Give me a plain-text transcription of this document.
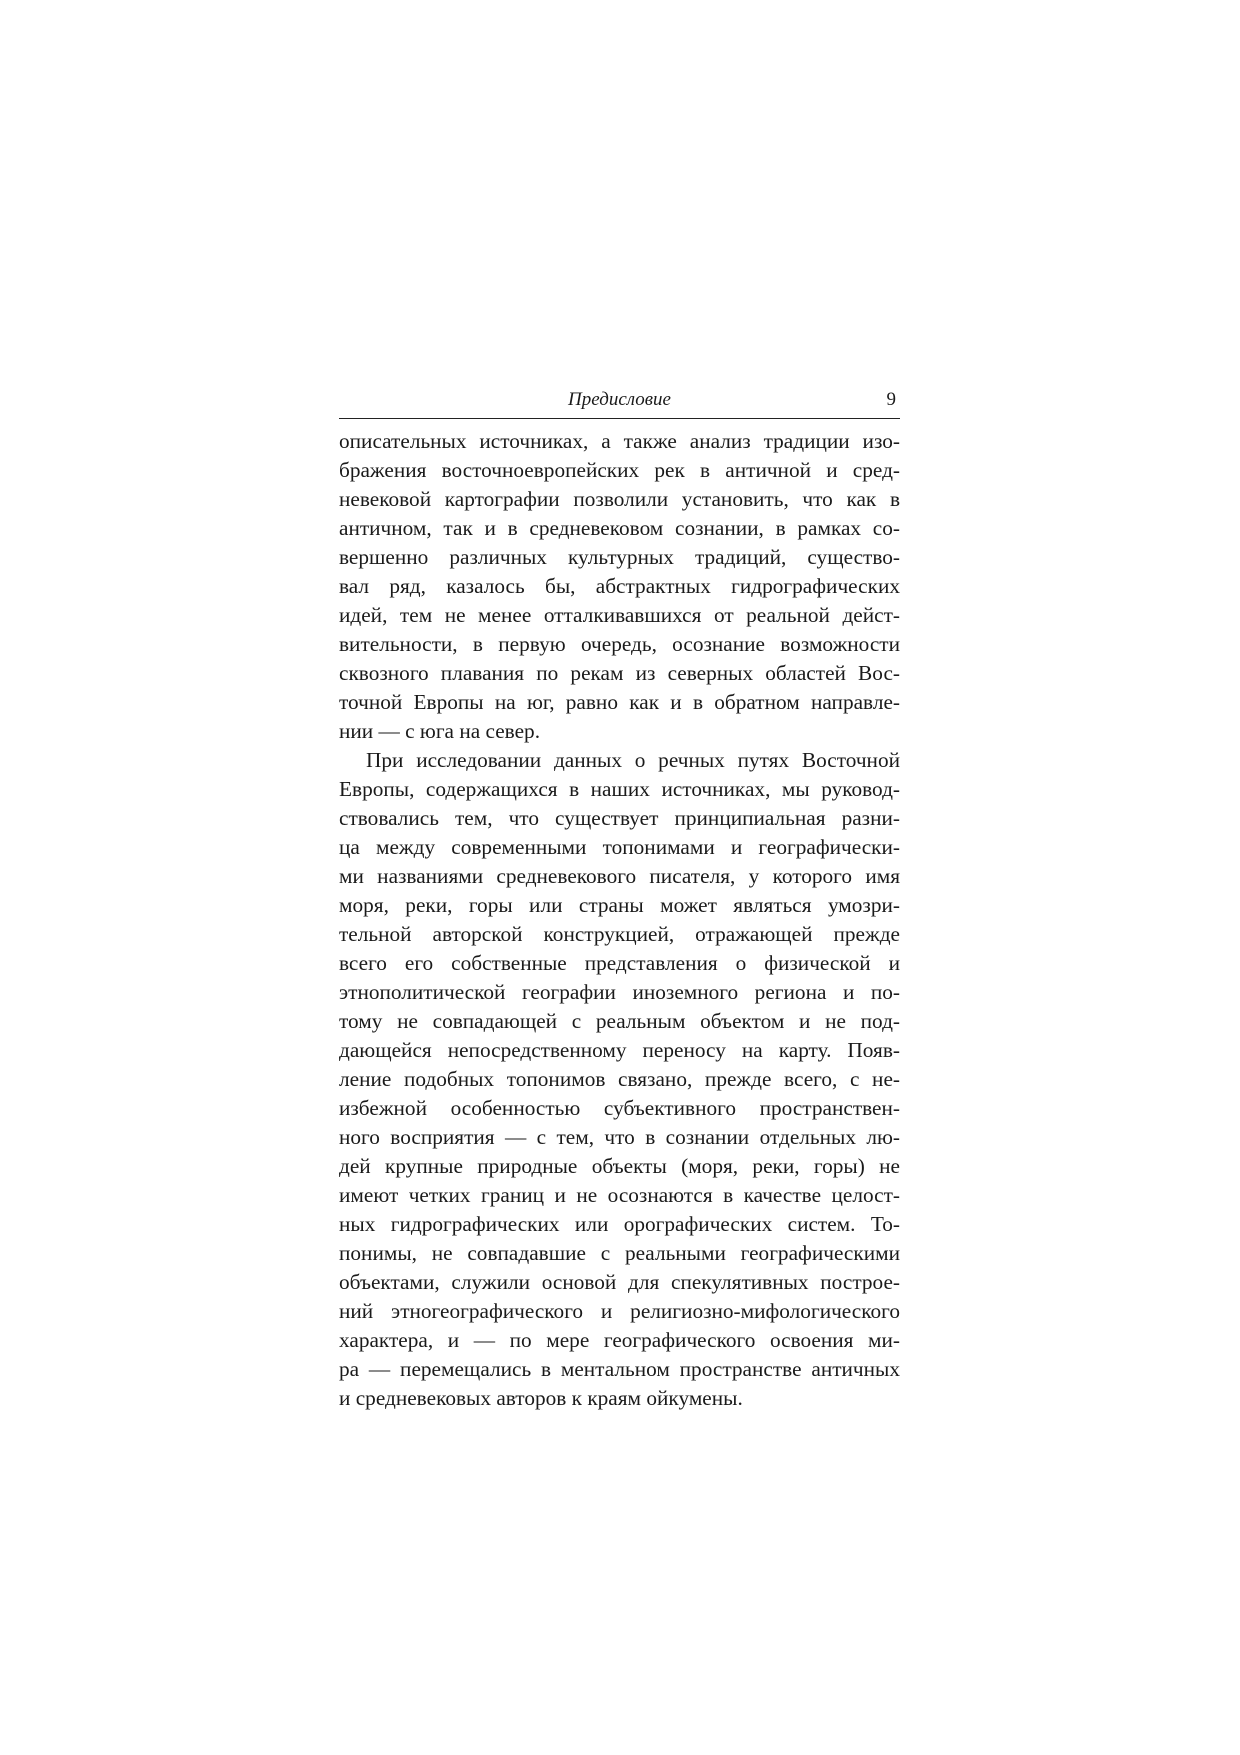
Предисловие	9
описательных источниках, а также анализ традиции изо-
бражения восточноевропейских рек в античной и сред-
невековой картографии позволили установить, что как в
античном, так и в средневековом сознании, в рамках со-
вершенно различных культурных традиций, существо-
вал ряд, казалось бы, абстрактных гидрографических
идей, тем не менее отталкивавшихся от реальной дейст-
вительности, в первую очередь, осознание возможности
сквозного плавания по рекам из северных областей Вос-
точной Европы на юг, равно как и в обратном направле-
нии — с юга на север.
При исследовании данных о речных путях Восточной
Европы, содержащихся в наших источниках, мы руковод-
ствовались тем, что существует принципиальная разни-
ца между современными топонимами и географически-
ми названиями средневекового писателя, у которого имя
моря, реки, горы или страны может являться умозри-
тельной авторской конструкцией, отражающей прежде
всего его собственные представления о физической и
этнополитической географии иноземного региона и по-
тому не совпадающей с реальным объектом и не под-
дающейся непосредственному переносу на карту. Появ-
ление подобных топонимов связано, прежде всего, с не-
избежной особенностью субъективного пространствен-
ного восприятия — с тем, что в сознании отдельных лю-
дей крупные природные объекты (моря, реки, горы) не
имеют четких границ и не осознаются в качестве целост-
ных гидрографических или орографических систем. То-
понимы, не совпадавшие с реальными географическими
объектами, служили основой для спекулятивных построе-
ний этногеографического и религиозно-мифологического
характера, и — по мере географического освоения ми-
ра — перемещались в ментальном пространстве античных
и средневековых авторов к краям ойкумены.
